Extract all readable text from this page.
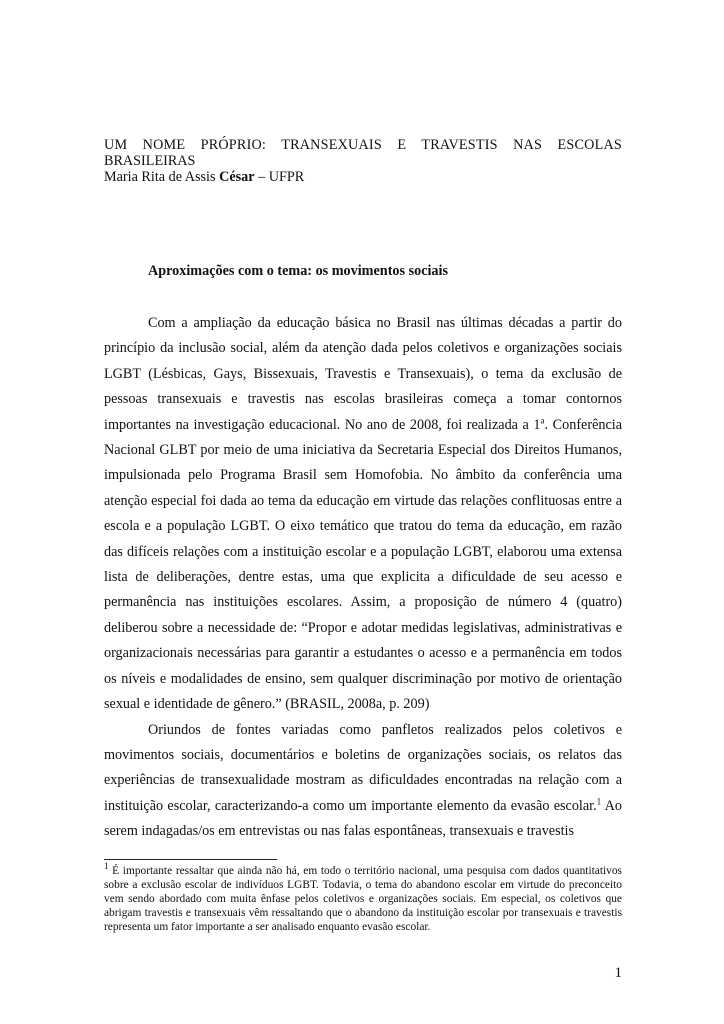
UM NOME PRÓPRIO: TRANSEXUAIS E TRAVESTIS NAS ESCOLAS

BRASILEIRAS

Maria Rita de Assis César – UFPR

Aproximações com o tema: os movimentos sociais

Com a ampliação da educação básica no Brasil nas últimas décadas a partir do princípio da inclusão social, além da atenção dada pelos coletivos e organizações sociais LGBT (Lésbicas, Gays, Bissexuais, Travestis e Transexuais), o tema da exclusão de pessoas transexuais e travestis nas escolas brasileiras começa a tomar contornos importantes na investigação educacional. No ano de 2008, foi realizada a 1$^a$. Conferência Nacional GLBT por meio de uma iniciativa da Secretaria Especial dos Direitos Humanos, impulsionada pelo Programa Brasil sem Homofobia. No âmbito da conferência uma atenção especial foi dada ao tema da educação em virtude das relações conflituosas entre a escola e a população LGBT. O eixo temático que tratou do tema da educação, em razão das difíceis relações com a instituição escolar e a população LGBT, elaborou uma extensa lista de deliberações, dentre estas, uma que explicita a dificuldade de seu acesso e permanência nas instituições escolares. Assim, a proposição de número 4 (quatro) deliberou sobre a necessidade de: “Propor e adotar medidas legislativas, administrativas e organizacionais necessárias para garantir a estudantes o acesso e a permanência em todos os níveis e modalidades de ensino, sem qualquer discriminação por motivo de orientação sexual e identidade de gênero.” (BRASIL, 2008a, p. 209)

Oriundos de fontes variadas como panfletos realizados pelos coletivos e movimentos sociais, documentários e boletins de organizações sociais, os relatos das experiências de transexualidade mostram as dificuldades encontradas na relação com a instituição escolar, caracterizando-a como um importante elemento da evasão escolar.$^1$ Ao serem indagadas/os em entrevistas ou nas falas espontâneas, transexuais e travestis

$^1$ É importante ressaltar que ainda não há, em todo o território nacional, uma pesquisa com dados quantitativos sobre a exclusão escolar de indivíduos LGBT. Todavia, o tema do abandono escolar em virtude do preconceito vem sendo abordado com muita ênfase pelos coletivos e organizações sociais. Em especial, os coletivos que abrigam travestis e transexuais vêm ressaltando que o abandono da instituição escolar por transexuais e travestis representa um fator importante a ser analisado enquanto evasão escolar.

1
